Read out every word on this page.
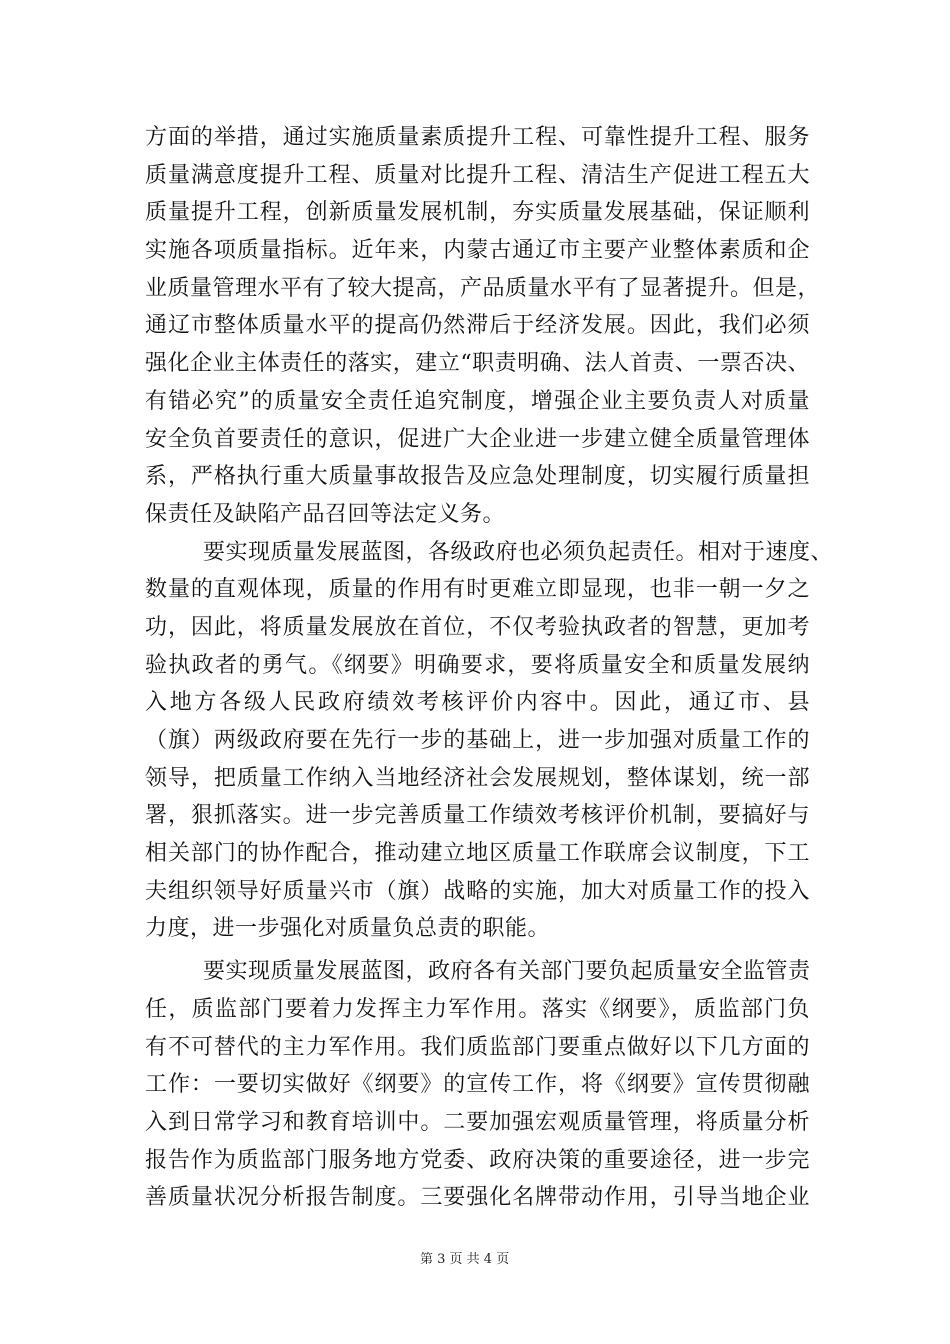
方面的举措，通过实施质量素质提升工程、可靠性提升工程、服务
质量满意度提升工程、质量对比提升工程、清洁生产促进工程五大
质量提升工程，创新质量发展机制，夯实质量发展基础，保证顺利
实施各项质量指标。近年来，内蒙古通辽市主要产业整体素质和企
业质量管理水平有了较大提高，产品质量水平有了显著提升。但是，
通辽市整体质量水平的提高仍然滞后于经济发展。因此，我们必须
强化企业主体责任的落实，建立“职责明确、法人首责、一票否决、
有错必究”的质量安全责任追究制度，增强企业主要负责人对质量
安全负首要责任的意识，促进广大企业进一步建立健全质量管理体
系，严格执行重大质量事故报告及应急处理制度，切实履行质量担
保责任及缺陷产品召回等法定义务。
要实现质量发展蓝图，各级政府也必须负起责任。相对于速度、
数量的直观体现，质量的作用有时更难立即显现，也非一朝一夕之
功，因此，将质量发展放在首位，不仅考验执政者的智慧，更加考
验执政者的勇气。《纲要》明确要求，要将质量安全和质量发展纳
入地方各级人民政府绩效考核评价内容中。因此，通辽市、县
（旗）两级政府要在先行一步的基础上，进一步加强对质量工作的
领导，把质量工作纳入当地经济社会发展规划，整体谋划，统一部
署，狠抓落实。进一步完善质量工作绩效考核评价机制，要搞好与
相关部门的协作配合，推动建立地区质量工作联席会议制度，下工
夫组织领导好质量兴市（旗）战略的实施，加大对质量工作的投入
力度，进一步强化对质量负总责的职能。
要实现质量发展蓝图，政府各有关部门要负起质量安全监管责
任，质监部门要着力发挥主力军作用。落实《纲要》，质监部门负
有不可替代的主力军作用。我们质监部门要重点做好以下几方面的
工作：一要切实做好《纲要》的宣传工作，将《纲要》宣传贯彻融
入到日常学习和教育培训中。二要加强宏观质量管理，将质量分析
报告作为质监部门服务地方党委、政府决策的重要途径，进一步完
善质量状况分析报告制度。三要强化名牌带动作用，引导当地企业
第 3 页 共 4 页
